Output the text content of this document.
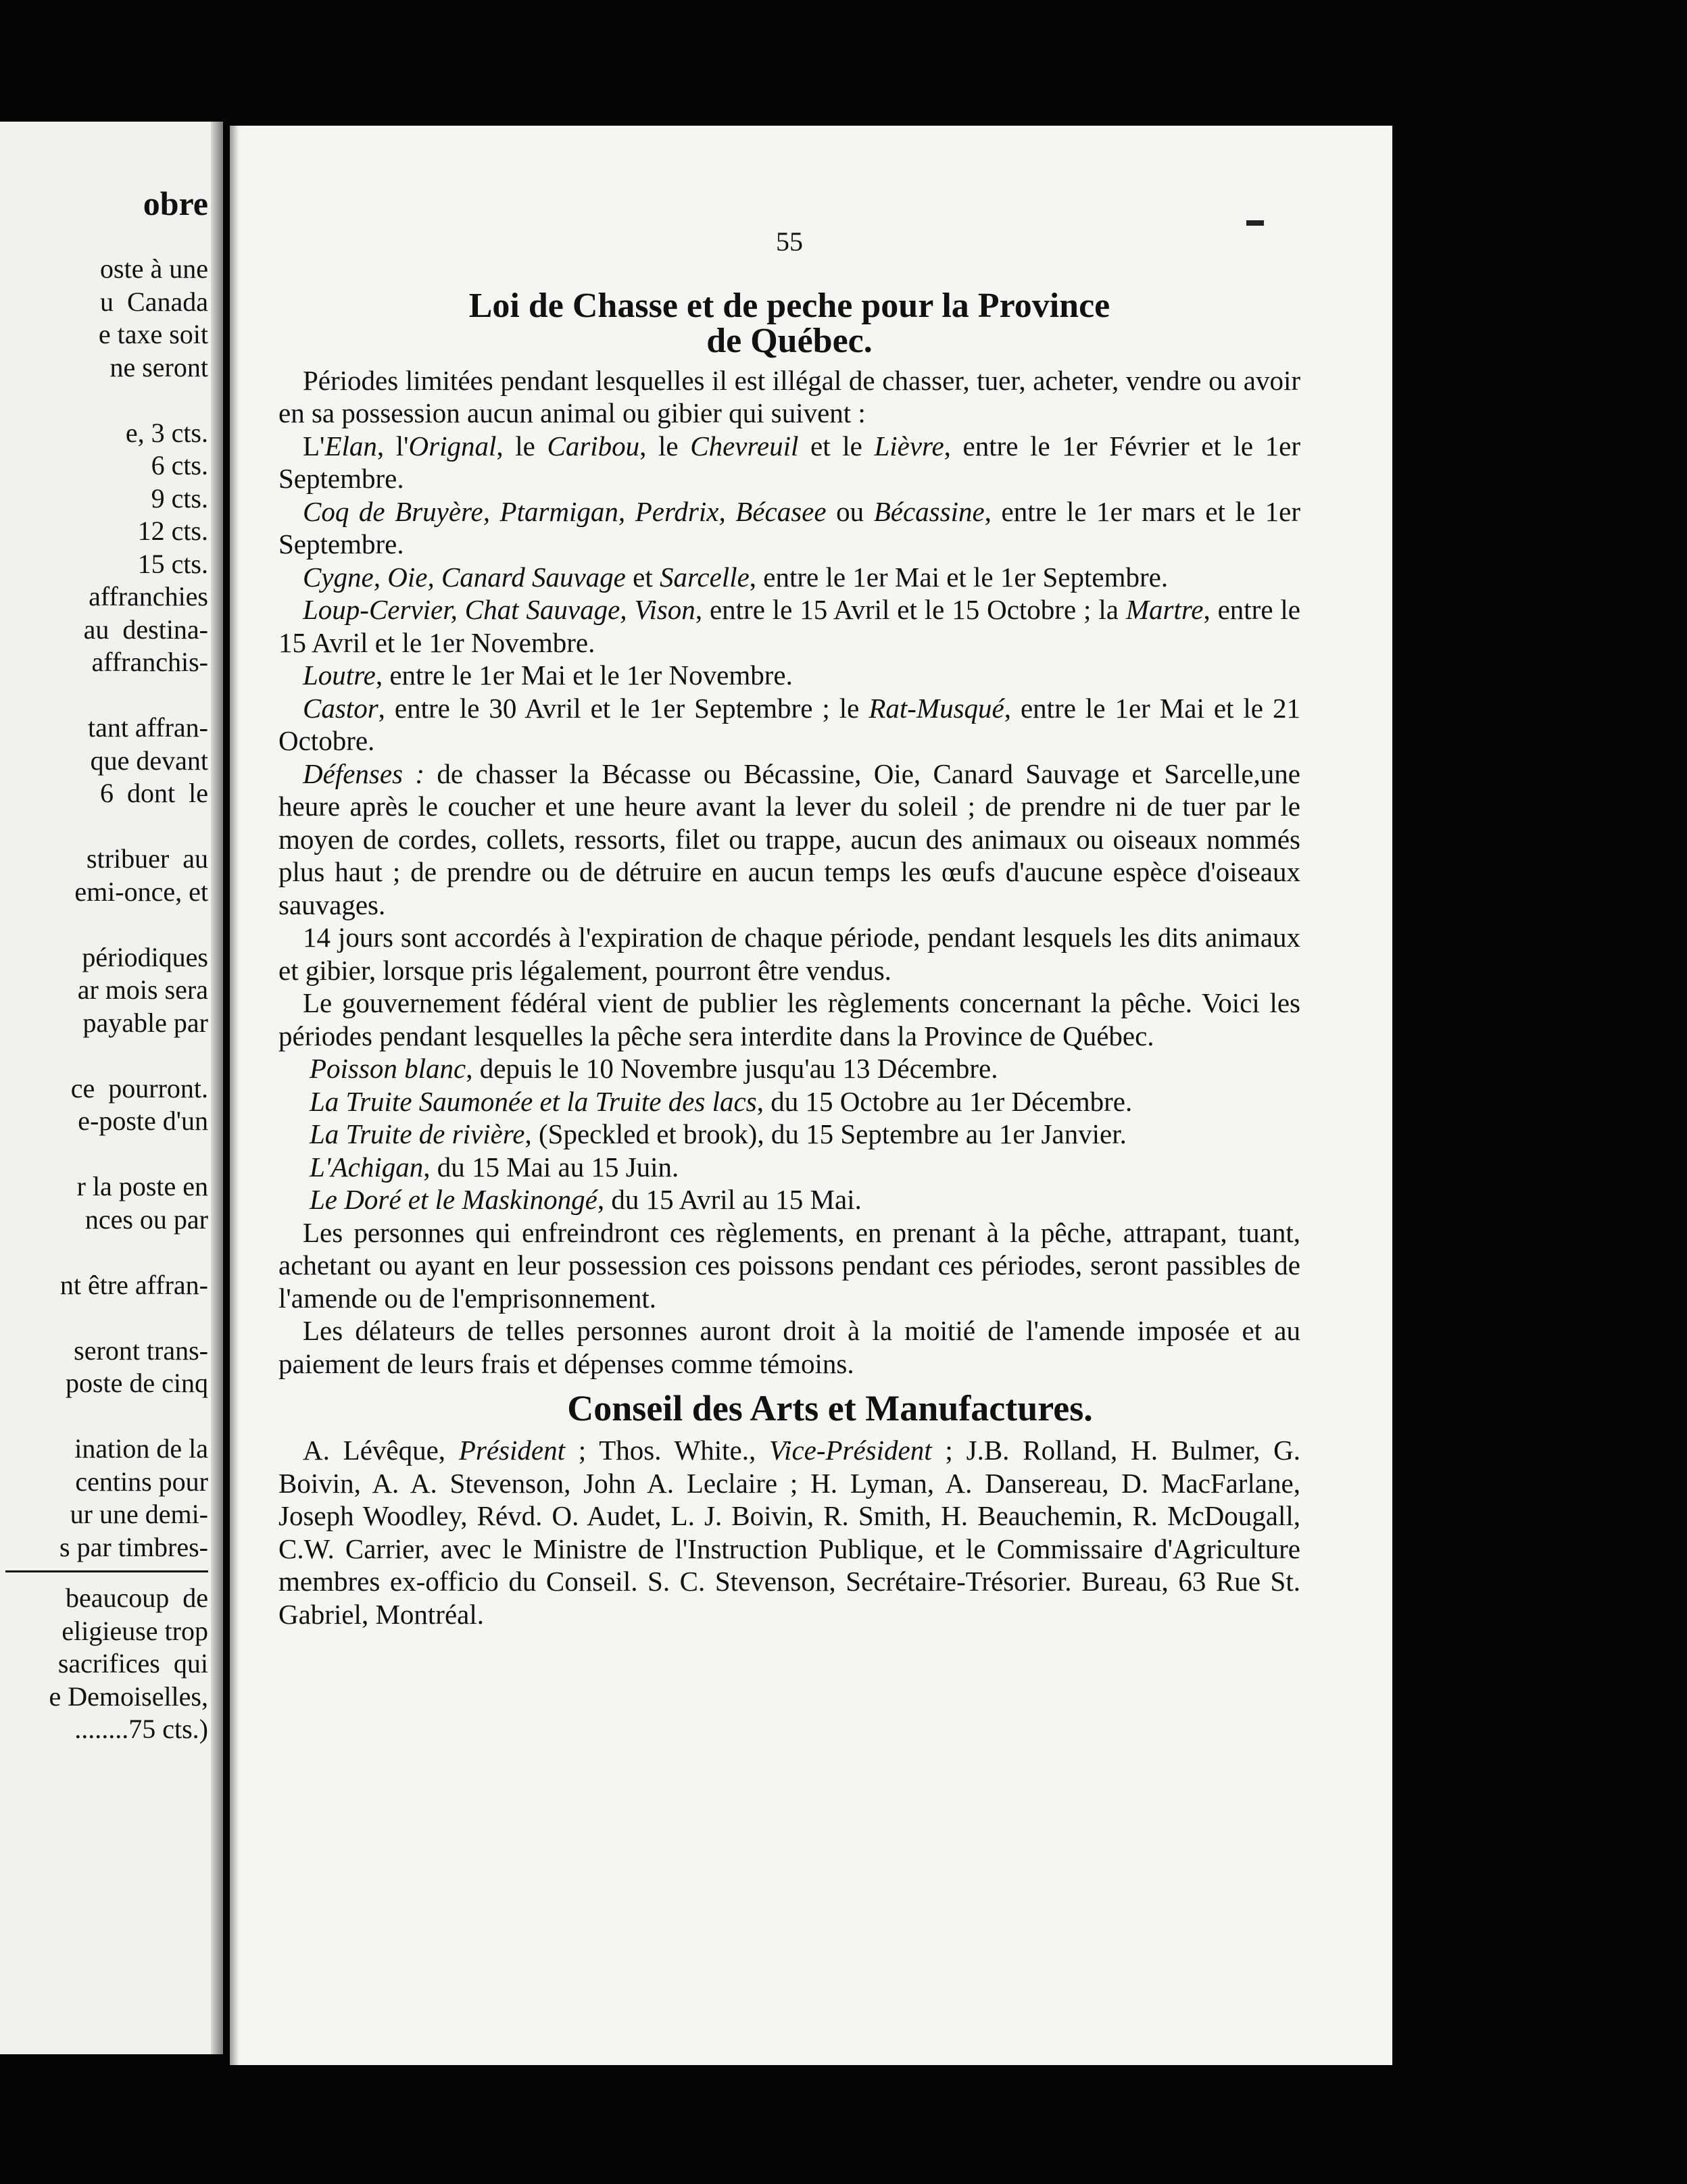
obre
oste à une
u  Canada
e taxe soit
ne seront
e, 3 cts.
6 cts.
9 cts.
12 cts.
15 cts.
affranchies
au  destina-
affranchis-
tant affran-
que devant
6  dont  le
stribuer  au
emi-once, et
périodiques
ar mois sera
payable par
ce  pourront.
e-poste d'un
r la poste en
nces ou par
nt être affran-
seront trans-
poste de cinq
ination de la
centins pour
ur une demi-
s par timbres-
beaucoup  de
eligieuse trop
sacrifices  qui
e Demoiselles,
........75 cts.)
55
Loi de Chasse et de peche pour la Province
de Québec.

Périodes limitées pendant lesquelles il est illégal de chasser, tuer, acheter, vendre ou avoir en sa possession aucun animal ou gibier qui suivent :

L'Elan, l'Orignal, le Caribou, le Chevreuil et le Lièvre, entre le 1er Février et le 1er Septembre.

Coq de Bruyère, Ptarmigan, Perdrix, Bécasee ou Bécassine, entre le 1er mars et le 1er Septembre.

Cygne, Oie, Canard Sauvage et Sarcelle, entre le 1er Mai et le 1er Septembre.

Loup-Cervier, Chat Sauvage, Vison, entre le 15 Avril et le 15 Octobre ; la Martre, entre le 15 Avril et le 1er Novembre.

Loutre, entre le 1er Mai et le 1er Novembre.

Castor, entre le 30 Avril et le 1er Septembre ; le Rat-Musqué, entre le 1er Mai et le 21 Octobre.

Défenses : de chasser la Bécasse ou Bécassine, Oie, Canard Sauvage et Sarcelle,une heure après le coucher et une heure avant la lever du soleil ; de prendre ni de tuer par le moyen de cordes, collets, ressorts, filet ou trappe, aucun des animaux ou oiseaux nommés plus haut ; de prendre ou de détruire en aucun temps les œufs d'aucune espèce d'oiseaux sauvages.

14 jours sont accordés à l'expiration de chaque période, pendant lesquels les dits animaux et gibier, lorsque pris légalement, pourront être vendus.

Le gouvernement fédéral vient de publier les règlements concernant la pêche. Voici les périodes pendant lesquelles la pêche sera interdite dans la Province de Québec.

Poisson blanc, depuis le 10 Novembre jusqu'au 13 Décembre.

La Truite Saumonée et la Truite des lacs, du 15 Octobre au 1er Décembre.

La Truite de rivière, (Speckled et brook), du 15 Septembre au 1er Janvier.

L'Achigan, du 15 Mai au 15 Juin.

Le Doré et le Maskinongé, du 15 Avril au 15 Mai.

Les personnes qui enfreindront ces règlements, en prenant à la pêche, attrapant, tuant, achetant ou ayant en leur possession ces poissons pendant ces périodes, seront passibles de l'amende ou de l'emprisonnement.

Les délateurs de telles personnes auront droit à la moitié de l'amende imposée et au paiement de leurs frais et dépenses comme témoins.

Conseil des Arts et Manufactures.

A. Lévêque, Président ; Thos. White., Vice-Président ; J.B. Rolland, H. Bulmer, G. Boivin, A. A. Stevenson, John A. Leclaire ; H. Lyman, A. Dansereau, D. MacFarlane, Joseph Woodley, Révd. O. Audet, L. J. Boivin, R. Smith, H. Beauchemin, R. McDougall, C.W. Carrier, avec le Ministre de l'Instruction Publique, et le Commissaire d'Agriculture membres ex-officio du Conseil. S. C. Stevenson, Secrétaire-Trésorier. Bureau, 63 Rue St. Gabriel, Montréal.
